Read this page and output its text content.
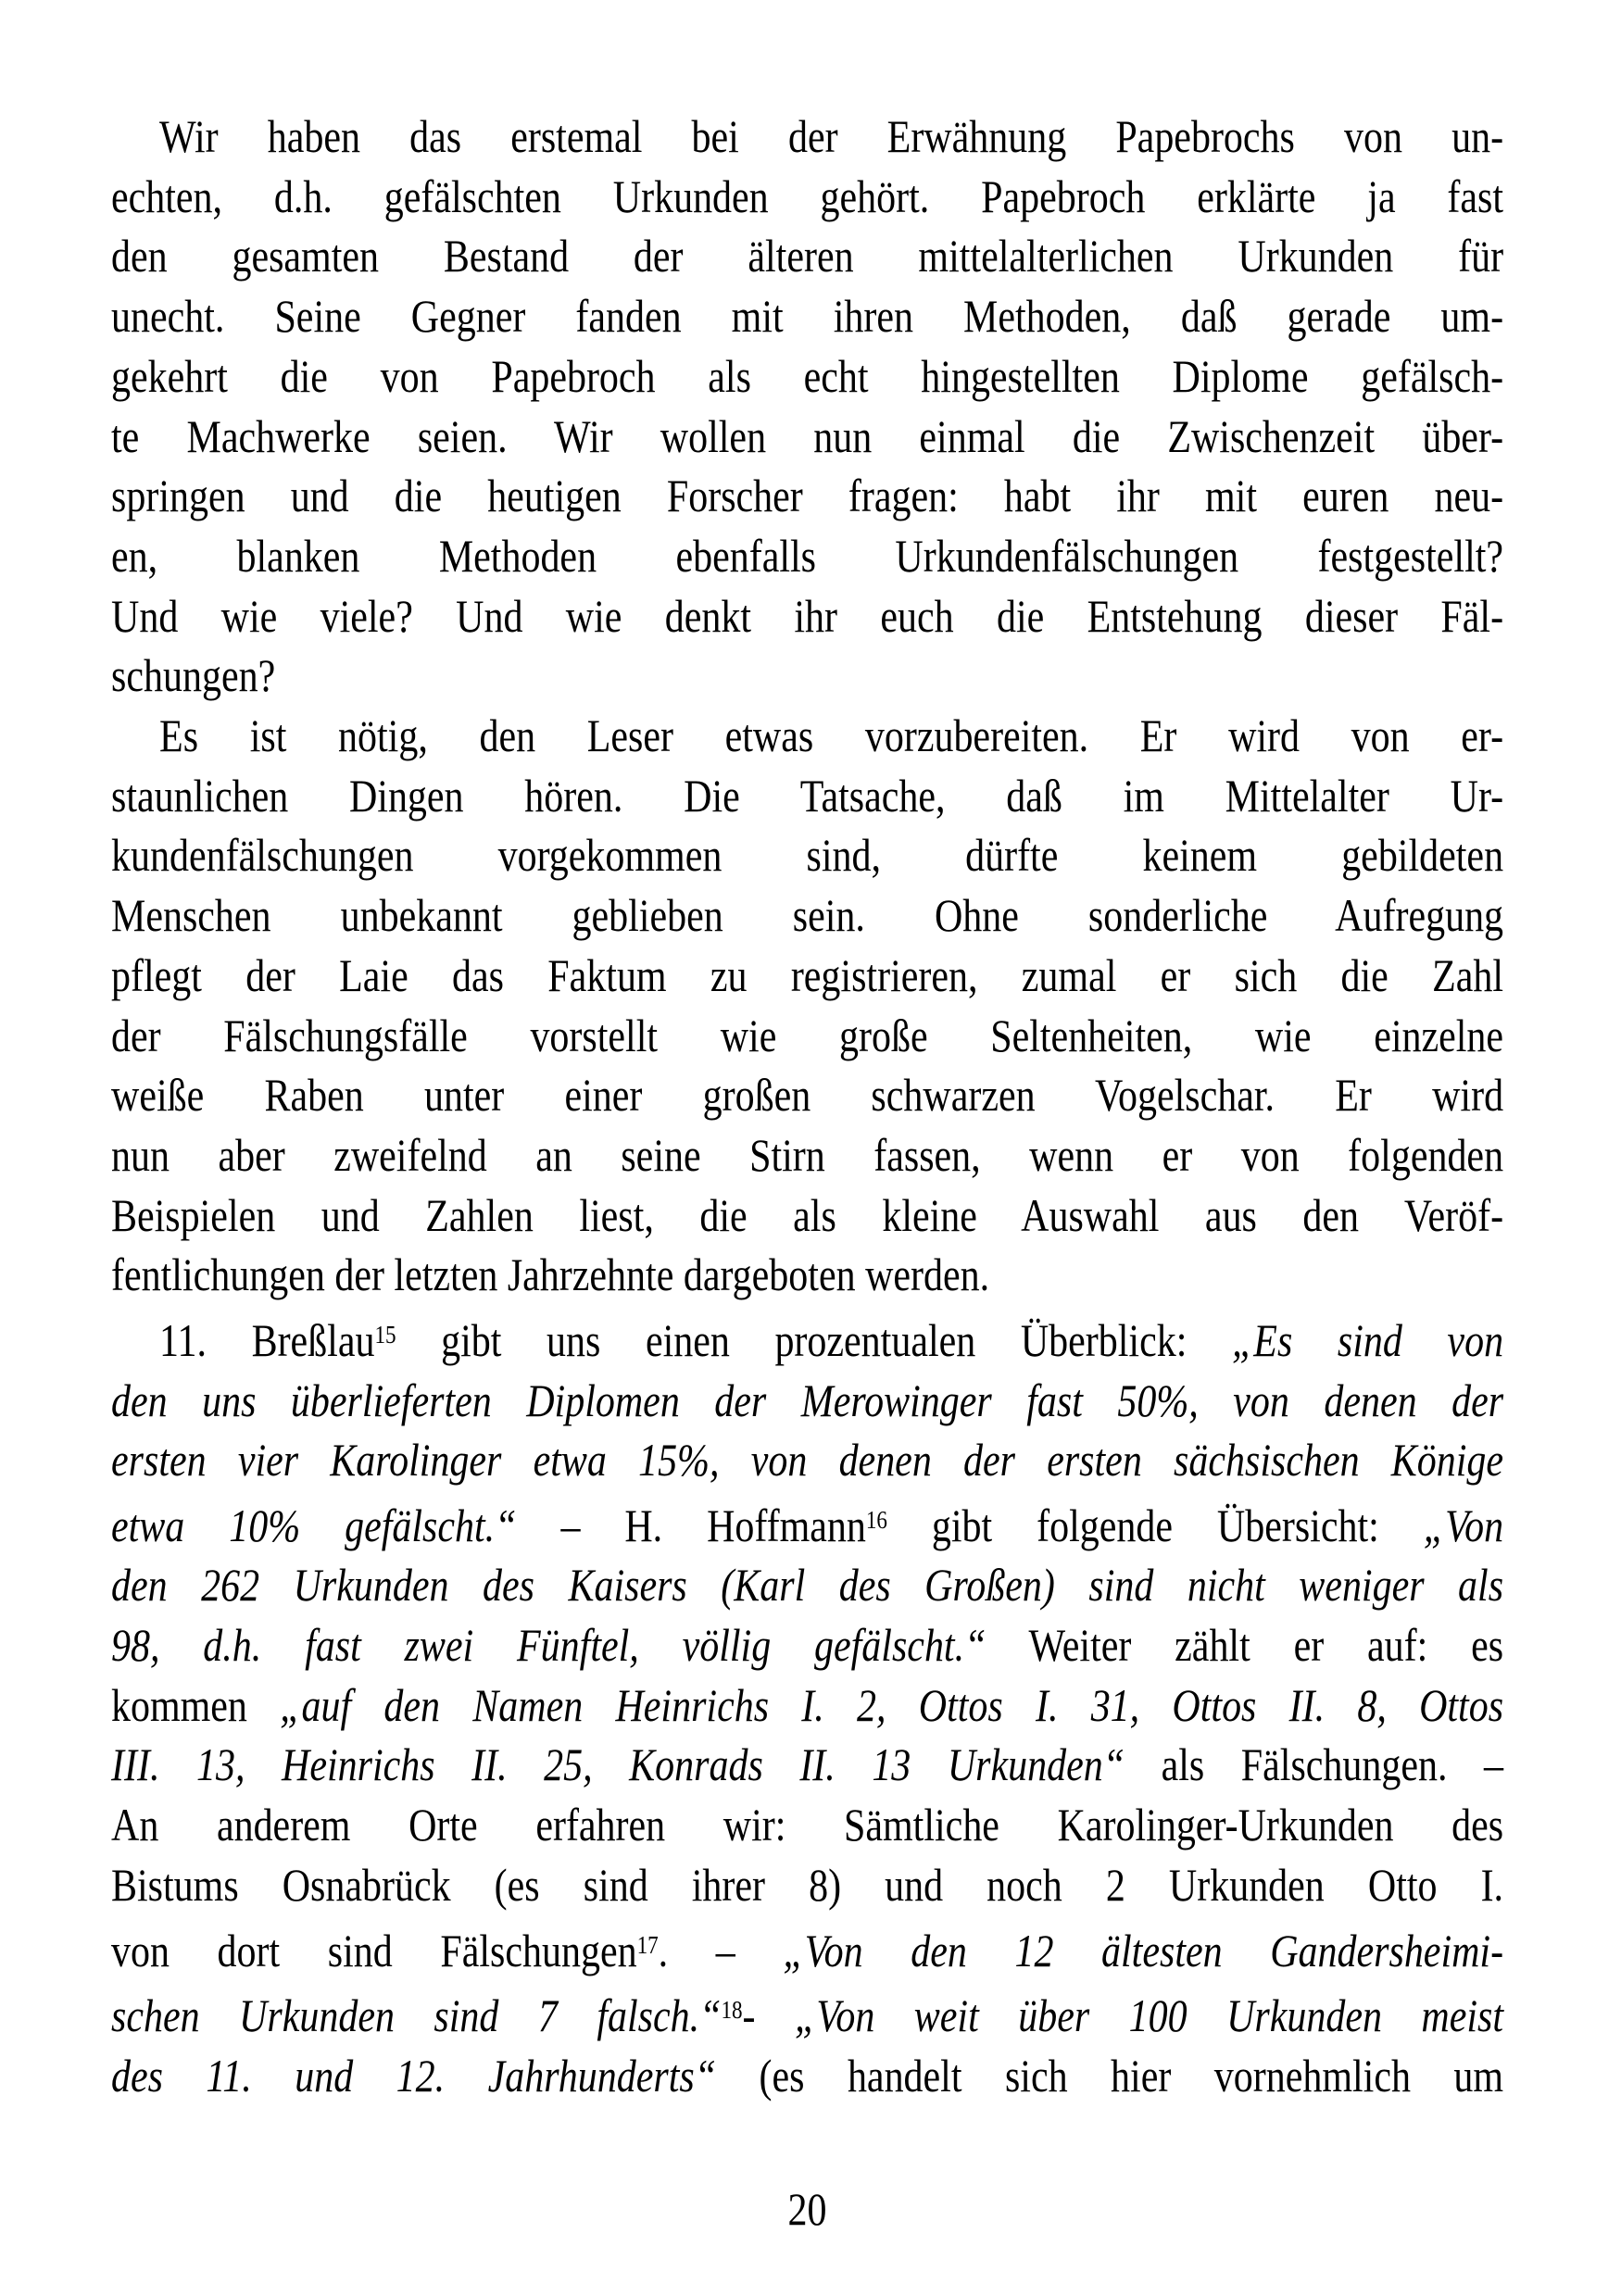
Wir haben das erstemal bei der Erwähnung Papebrochs von un-
echten, d.h. gefälschten Urkunden gehört. Papebroch erklärte ja fast
den gesamten Bestand der älteren mittelalterlichen Urkunden für
unecht. Seine Gegner fanden mit ihren Methoden, daß gerade um-
gekehrt die von Papebroch als echt hingestellten Diplome gefälsch-
te Machwerke seien. Wir wollen nun einmal die Zwischenzeit über-
springen und die heutigen Forscher fragen: habt ihr mit euren neu-
en, blanken Methoden ebenfalls Urkundenfälschungen festgestellt?
Und wie viele? Und wie denkt ihr euch die Entstehung dieser Fäl-
schungen?
Es ist nötig, den Leser etwas vorzubereiten. Er wird von er-
staunlichen Dingen hören. Die Tatsache, daß im Mittelalter Ur-
kundenfälschungen vorgekommen sind, dürfte keinem gebildeten
Menschen unbekannt geblieben sein. Ohne sonderliche Aufregung
pflegt der Laie das Faktum zu registrieren, zumal er sich die Zahl
der Fälschungsfälle vorstellt wie große Seltenheiten, wie einzelne
weiße Raben unter einer großen schwarzen Vogelschar. Er wird
nun aber zweifelnd an seine Stirn fassen, wenn er von folgenden
Beispielen und Zahlen liest, die als kleine Auswahl aus den Veröf-
fentlichungen der letzten Jahrzehnte dargeboten werden.
11. Breßlau$^{15}$ gibt uns einen prozentualen Überblick: „Es sind von
den uns überlieferten Diplomen der Merowinger fast 50%, von denen der
ersten vier Karolinger etwa 15%, von denen der ersten sächsischen Könige
etwa 10% gefälscht.“ – H. Hoffmann$^{16}$ gibt folgende Übersicht: „Von
den 262 Urkunden des Kaisers (Karl des Großen) sind nicht weniger als
98, d.h. fast zwei Fünftel, völlig gefälscht.“ Weiter zählt er auf: es
kommen „auf den Namen Heinrichs I. 2, Ottos I. 31, Ottos II. 8, Ottos
III. 13, Heinrichs II. 25, Konrads II. 13 Urkunden“ als Fälschungen. –
An anderem Orte erfahren wir: Sämtliche Karolinger-Urkunden des
Bistums Osnabrück (es sind ihrer 8) und noch 2 Urkunden Otto I.
von dort sind Fälschungen$^{17}$. – „Von den 12 ältesten Gandersheimi-
schen Urkunden sind 7 falsch.“$^{18}$- „Von weit über 100 Urkunden meist
des 11. und 12. Jahrhunderts“ (es handelt sich hier vornehmlich um
20
